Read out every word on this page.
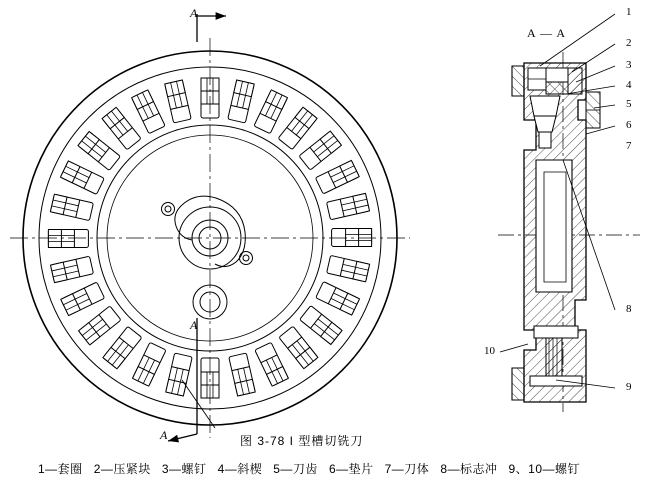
A — A
A
A
A
1
2
3
4
5
6
7
8
9
10
图 3-78 I 型槽切铣刀
1—套圈 2—压紧块 3—螺钉 4—斜楔 5—刀齿 6—垫片 7—刀体 8—标志冲 9、10—螺钉
